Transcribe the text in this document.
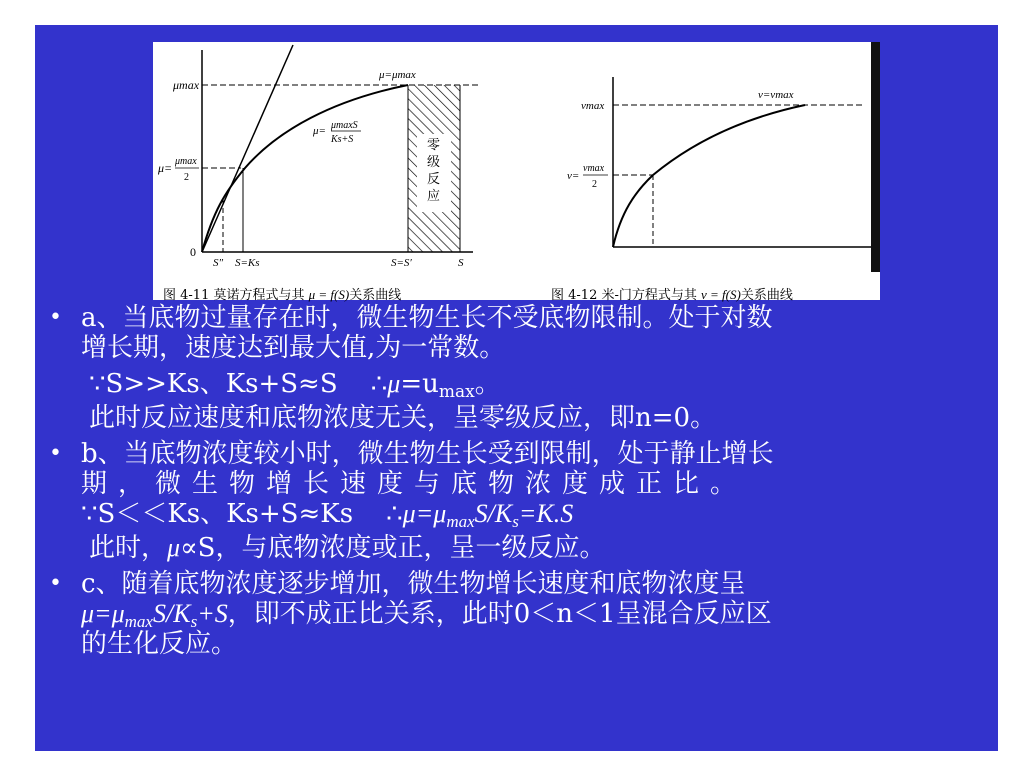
μmax
μ= μmax
2
0
S″ S=Ks	S=S′	S
μ=μmax
μ= μmaxS
Ks+S	零
级
反
应
vmax
v=
vmax
2
v=vmax
图 4-11 莫诺方程式与其 μ = f(S)关系曲线	图 4-12 米-门方程式与其 v = f(S)关系曲线
• a、当底物过量存在时，微生物生长不受底物限制。处于对数
增长期，速度达到最大值,为一常数。
∵S>>Ks、Ks+S≈S $\therefore\mu=u_{max}$。
此时反应速度和底物浓度无关，呈零级反应，即n=0。
• b、当底物浓度较小时，微生物生长受到限制，处于静止增长
期，微生物增长速度与底物浓度成正比。
∵S＜＜Ks、Ks+S≈Ks $\therefore\mu=\mu_{max}S/K_s=K.S$
此时，μ∝S，与底物浓度或正，呈一级反应。
• c、随着底物浓度逐步增加，微生物增长速度和底物浓度呈
$\mu=\mu_{max}S/K_s+S$，即不成正比关系，此时0＜n＜1呈混合反应区
的生化反应。
